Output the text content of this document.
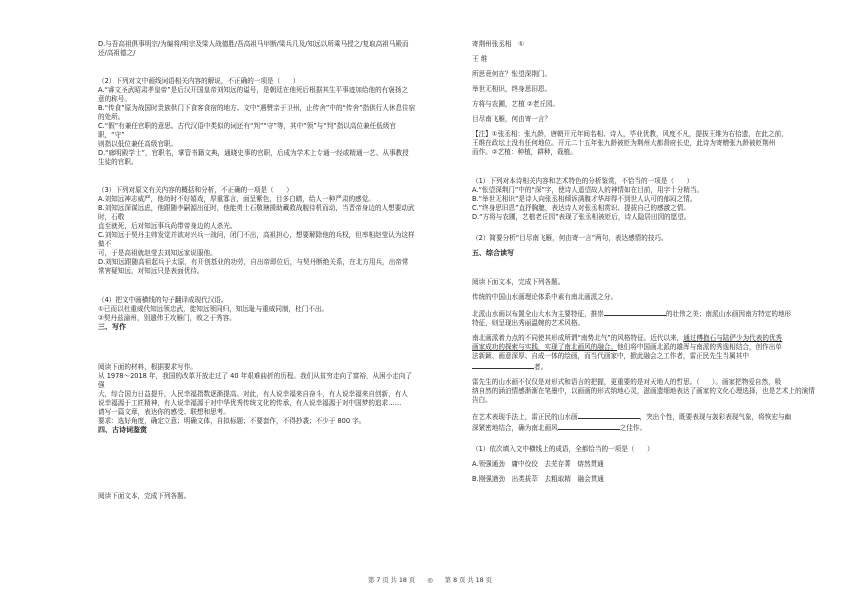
D.与吾高祖俱事明宗/为编将/明宗及梁人战德胜/吾高祖马甲断/梁兵几及/知远以所乘马授之/复取高祖马殿而

还/高祖德之/

（2）下列对文中画线词语相关内容的解说，不正确的一项是（      ）

A.“睿文圣武昭肃孝皇帝”是后汉开国皇帝刘知远的谥号，是朝廷在他死后根据其生平事迹加给他的有褒扬之

意的称号。

B.“传食”原为战国时贵族供门下食客食宿的地方。文中“遇赞亲于卫州，止传舍”中的“传舍”指供行人休息住宿

的处所。

C.“假”有兼任官职的意思。古代汉语中类似的词还有“判”“守”等，其中“领”与“判”指以高位兼任低级官职，“守”

则指以低位兼任高级官职。

D.“廊明殿学士”，官职名，掌管书籍文典，通晓史事的官职，后成为学术上专通一经或精通一艺、从事教授

生徒的官职。

（3）下列对原文有关内容的概括和分析，不正确的一项是（      ）

A.刘知远神志威严，他幼时不好嬉戏，厚重寡言，面呈紫色，目多白睛，给人一种严肃的感觉。

B.刘知远深谋远虑，他跟随李嗣源出征时，他能勇士石敬瑭援助藏救战舰待机而动，当晋帝身边的人想要动武时，石敬

直至就死，后对知远事兵尚带帝身边的人杀光。

C.刘知远于契丹主帅发觉并欲对兴兵一战问，闭门不出，高祖担心，想要解除他的兵权，但率相赵莹认为这样做不

可，于是高祖就赵莹去刘知远家说服他。

D.刘知远跟随高祖起兵于太原，有开创基业的功劳，自出帝即位后，与契丹断绝关系，在北方用兵，出帝常

常害疑知远，对知远只是表面优待。

（4）把文中画横线的句子翻译成现代汉语。

①已而以杜重威代知远领忠武，徙知远领同归，知远耻与重威同制，杜门不出。

②契丹兹渝州，别遣伟王攻雁门，败之于秀容。

三、写作

阅读下面的材料，根据要求写作。

从 1978～2018 年，我国的改革开放走过了 40 年艰难曲折的历程。我们从贫穷走向了富裕，从困小走向了强

大，综合国力日益提升，人民幸福指数逐渐提高。对此，有人说幸福来自奋斗，有人说幸福来自创新，有人

说幸福源于工匠精神，有人说幸福源于对中华优秀传统文化的传承，有人说幸福源于对中国梦的追求……

请写一篇文章，表达你的感受、联想和思考。

要求：选好角度，确定立意；明确文体，自拟标题；不要套作，不得抄袭；不少于 800 字。

四、古诗词鉴赏

阅读下面文本，完成下列各题。

寄荆州张丞相　 ①

王 维

所思竟何在？怅望深荆门。

举世无相识，终身思旧恩。

方将与农圃，艺植 ②老丘园。

目尽南飞雁，何由寄一言？

【注】①张丞相：张九龄，唐朝开元年间名相、诗人，毕业优教，风度不凡，提拔王维为右拾遗，在此之前，

王维在政坛上没有任何地位。开元二十五年张九龄被贬为荆州大都督府长史，此诗为寄赠张九龄被贬荆州

而作。②艺植：种植，耕种，栽植。

（1）下列对本诗相关内容和艺术特色的分析鉴赏，不恰当的一项是（      ）

A.“怅望深荆门”中的“深”字，使诗人遥望故人的神情如在目前，用字十分精当。

B.“举世无相识”是诗人向张丞相倾诉满腹才华却得不到世人认可的郁闷之情。

C.“终身思旧恩”直抒胸臆，表达诗人对张丞相赏识、提拔自己的感激之情。

D.“方将与农圃，艺植老丘园”表现了张丞相被贬后，诗人隐居田园的愿望。

（2）简要分析“目尽南飞雁，何由寄一言”两句，表达感情的技巧。

五、综合读写

阅读下面文本，完成下列各题。

传统的中国山水画理论体系中素有南北画派之分。

北派山水画以布置全山大水为主要特征，推崇	的壮伟之美；南派山水画因南方特定的地形

特征，则呈现出秀丽温婉的艺术风格。

南北画派着力点的不同使其形成所谓“南势北气”的风格特征。近代以来，通过傅抱石与陆俨少为代表的优秀

画家成功的探索与实践，实现了南北画风的融合。他们将中国画北派的雄浑与南派的秀逸相结合，创作出单

法新颖、画意深厚、自成一体的绘画，而当代画家中，掀此融会之工作者，雷正民先生当属其中

者。

雷先生的山水画不仅仅是对形式和语言的把握，更重要的是对天地人的哲思。（      ）。画家把物爱自然，吸

纳自然的涵泊情感渐渐在笔墨中，以画画的形式纳地心灵，滋画遗细地表达了画家的文化心理选择，也是艺术上的演情告白。

在艺术表现手法上，雷正民的山水画	，突出个性，既要表现与轰彩表现气象，将恢宏与幽

深紧密地结合，确为南北画风	之佳作。

（1）依次填入文中横线上的成语，全都恰当的一项是（      ）

A.领强通劲　庸中佼佼　去芜存菁　熔然贯通

B.刚强遒劲　出类拔萃　去粗取精　融会贯通

第 7 页 共 18 页 ◎ 第 8 页 共 18 页
